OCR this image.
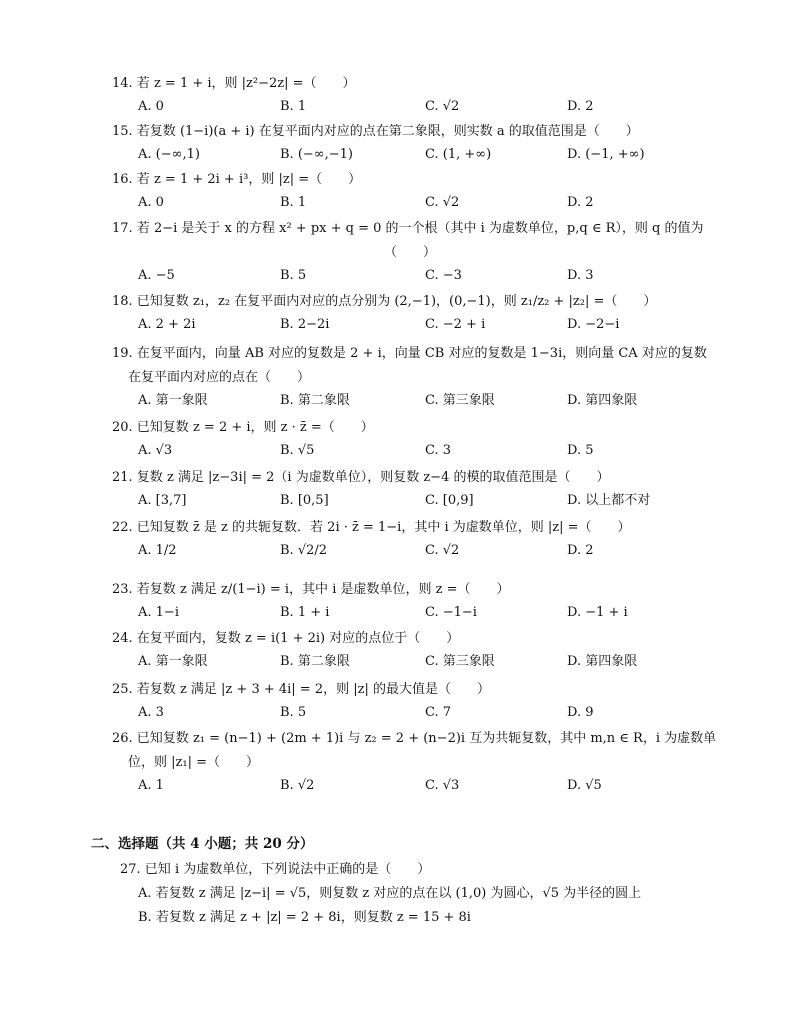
14. 若 z = 1 + i，则 |z²−2z| =（　　）
A. 0	B. 1	C. √2	D. 2
15. 若复数 (1−i)(a + i) 在复平面内对应的点在第二象限，则实数 a 的取值范围是（　　）
A. (−∞,1)	B. (−∞,−1)	C. (1, +∞)	D. (−1, +∞)
16. 若 z = 1 + 2i + i³，则 |z| =（　　）
A. 0	B. 1	C. √2	D. 2
17. 若 2−i 是关于 x 的方程 x² + px + q = 0 的一个根（其中 i 为虚数单位，p,q ∈ R），则 q 的值为
（　　）
A. −5	B. 5	C. −3	D. 3
18. 已知复数 z₁，z₂ 在复平面内对应的点分别为 (2,−1)，(0,−1)，则 z₁/z₂ + |z₂| =（　　）
A. 2 + 2i	B. 2−2i	C. −2 + i	D. −2−i
19. 在复平面内，向量 AB 对应的复数是 2 + i，向量 CB 对应的复数是 1−3i，则向量 CA 对应的复数
在复平面内对应的点在（　　）
A. 第一象限	B. 第二象限	C. 第三象限	D. 第四象限
20. 已知复数 z = 2 + i，则 z · z̄ =（　　）
A. √3	B. √5	C. 3	D. 5
21. 复数 z 满足 |z−3i| = 2（i 为虚数单位），则复数 z−4 的模的取值范围是（　　）
A. [3,7]	B. [0,5]	C. [0,9]	D. 以上都不对
22. 已知复数 z̄ 是 z 的共轭复数．若 2i · z̄ = 1−i，其中 i 为虚数单位，则 |z| =（　　）
A. 1/2	B. √2/2	C. √2	D. 2
23. 若复数 z 满足 z/(1−i) = i，其中 i 是虚数单位，则 z =（　　）
A. 1−i	B. 1 + i	C. −1−i	D. −1 + i
24. 在复平面内，复数 z = i(1 + 2i) 对应的点位于（　　）
A. 第一象限	B. 第二象限	C. 第三象限	D. 第四象限
25. 若复数 z 满足 |z + 3 + 4i| = 2，则 |z| 的最大值是（　　）
A. 3	B. 5	C. 7	D. 9
26. 已知复数 z₁ = (n−1) + (2m + 1)i 与 z₂ = 2 + (n−2)i 互为共轭复数，其中 m,n ∈ R，i 为虚数单
位，则 |z₁| =（　　）
A. 1	B. √2	C. √3	D. √5
二、选择题（共 4 小题；共 20 分）
27. 已知 i 为虚数单位，下列说法中正确的是（　　）
A. 若复数 z 满足 |z−i| = √5，则复数 z 对应的点在以 (1,0) 为圆心，√5 为半径的圆上
B. 若复数 z 满足 z + |z| = 2 + 8i，则复数 z = 15 + 8i
